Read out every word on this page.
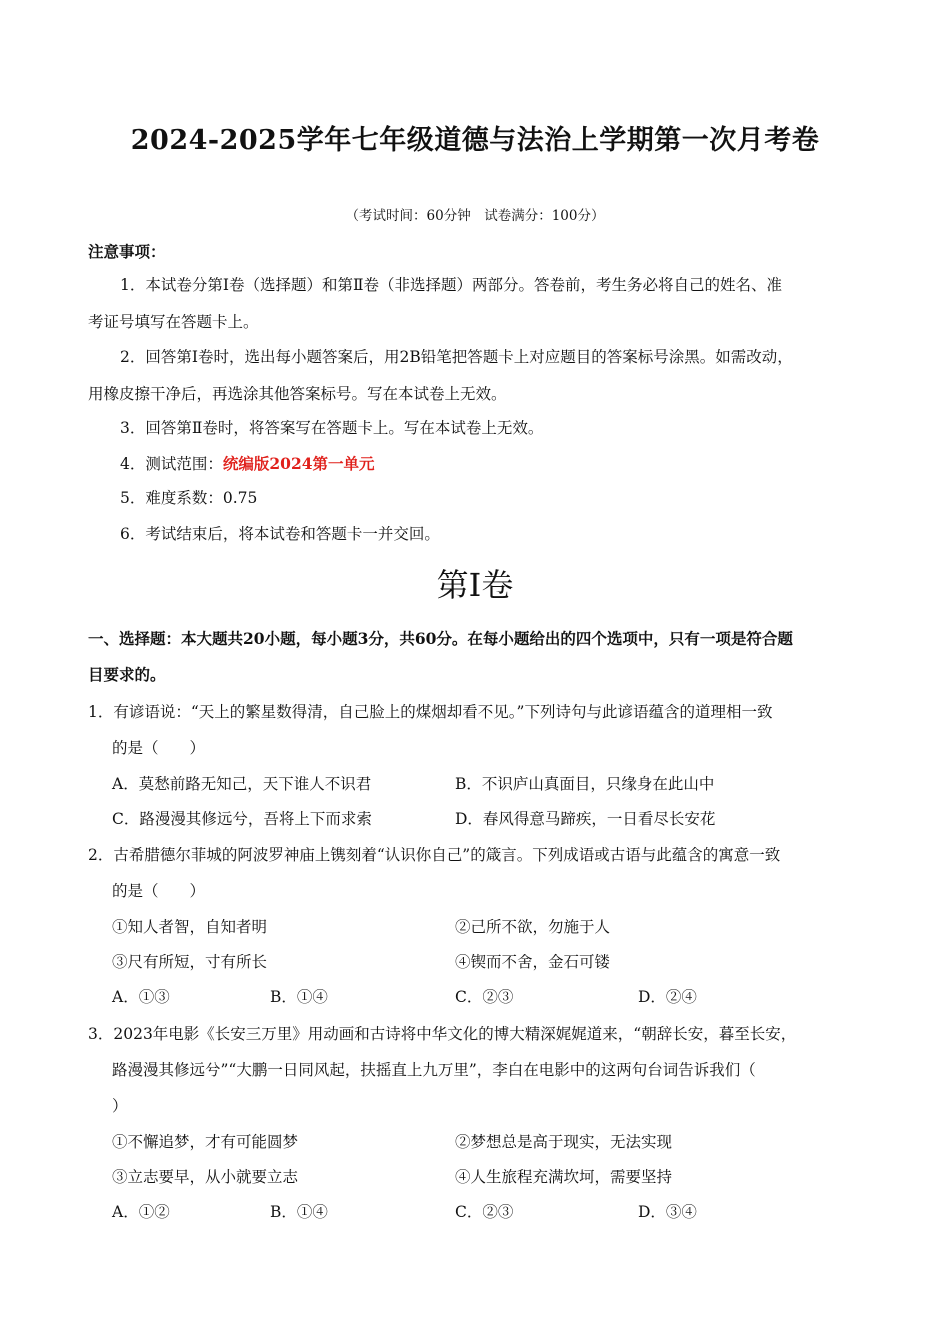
2024-2025学年七年级道德与法治上学期第一次月考卷
（考试时间：60分钟　试卷满分：100分）
注意事项：
1．本试卷分第Ⅰ卷（选择题）和第Ⅱ卷（非选择题）两部分。答卷前，考生务必将自己的姓名、准
考证号填写在答题卡上。
2．回答第Ⅰ卷时，选出每小题答案后，用2B铅笔把答题卡上对应题目的答案标号涂黑。如需改动，
用橡皮擦干净后，再选涂其他答案标号。写在本试卷上无效。
3．回答第Ⅱ卷时，将答案写在答题卡上。写在本试卷上无效。
4．测试范围：统编版2024第一单元
5．难度系数：0.75
6．考试结束后，将本试卷和答题卡一并交回。
第Ⅰ卷
一、选择题：本大题共20小题，每小题3分，共60分。在每小题给出的四个选项中，只有一项是符合题
目要求的。
1．有谚语说：“天上的繁星数得清，自己脸上的煤烟却看不见。”下列诗句与此谚语蕴含的道理相一致
的是（　　）
A．莫愁前路无知己，天下谁人不识君	B．不识庐山真面目，只缘身在此山中
C．路漫漫其修远兮，吾将上下而求索	D．春风得意马蹄疾，一日看尽长安花
2．古希腊德尔菲城的阿波罗神庙上镌刻着“认识你自己”的箴言。下列成语或古语与此蕴含的寓意一致
的是（　　）
①知人者智，自知者明	②己所不欲，勿施于人
③尺有所短，寸有所长	④锲而不舍，金石可镂
A．①③	B．①④	C．②③	D．②④
3．2023年电影《长安三万里》用动画和古诗将中华文化的博大精深娓娓道来，“朝辞长安，暮至长安，
路漫漫其修远兮”“大鹏一日同风起，扶摇直上九万里”，李白在电影中的这两句台词告诉我们（
）
①不懈追梦，才有可能圆梦	②梦想总是高于现实，无法实现
③立志要早，从小就要立志	④人生旅程充满坎坷，需要坚持
A．①②	B．①④	C．②③	D．③④
